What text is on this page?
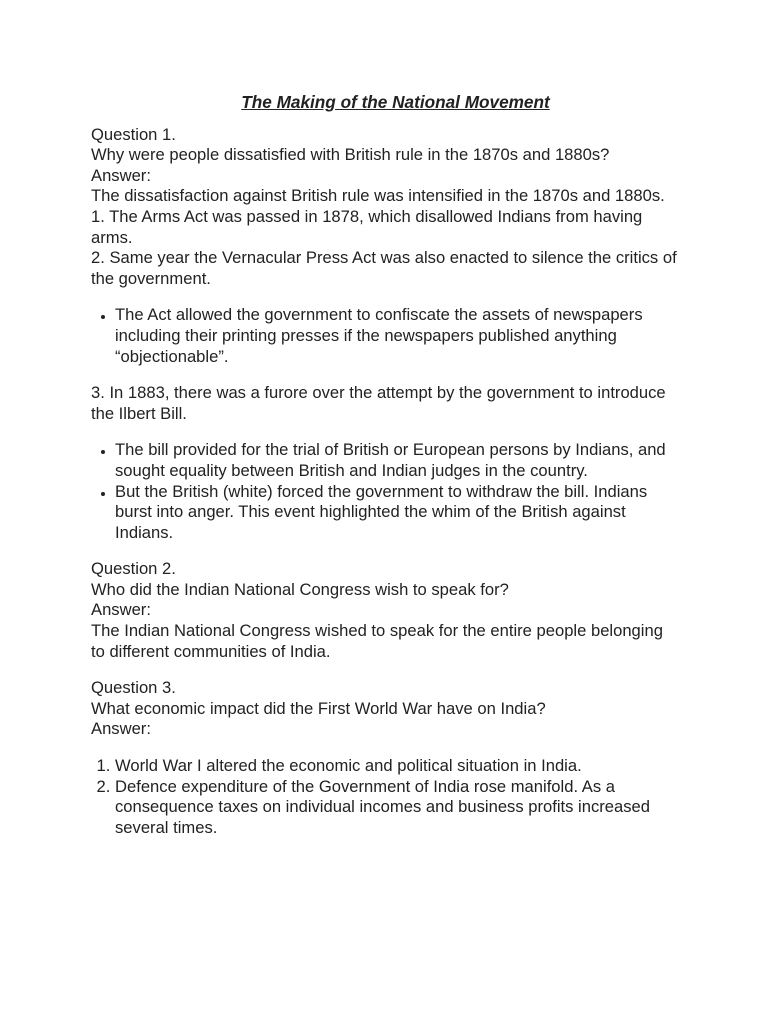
The Making of the National Movement

Question 1.

Why were people dissatisfied with British rule in the 1870s and 1880s?

Answer:

The dissatisfaction against British rule was intensified in the 1870s and 1880s.

1. The Arms Act was passed in 1878, which disallowed Indians from having arms.

2. Same year the Vernacular Press Act was also enacted to silence the critics of the government.

• The Act allowed the government to confiscate the assets of newspapers including their printing presses if the newspapers published anything “objectionable”.

3. In 1883, there was a furore over the attempt by the government to introduce the Ilbert Bill.

• The bill provided for the trial of British or European persons by Indians, and sought equality between British and Indian judges in the country.
• But the British (white) forced the government to withdraw the bill. Indians burst into anger. This event highlighted the whim of the British against Indians.

Question 2.

Who did the Indian National Congress wish to speak for?

Answer:

The Indian National Congress wished to speak for the entire people belonging to different communities of India.

Question 3.

What economic impact did the First World War have on India?

Answer:

1. World War I altered the economic and political situation in India.
2. Defence expenditure of the Government of India rose manifold. As a consequence taxes on individual incomes and business profits increased several times.
